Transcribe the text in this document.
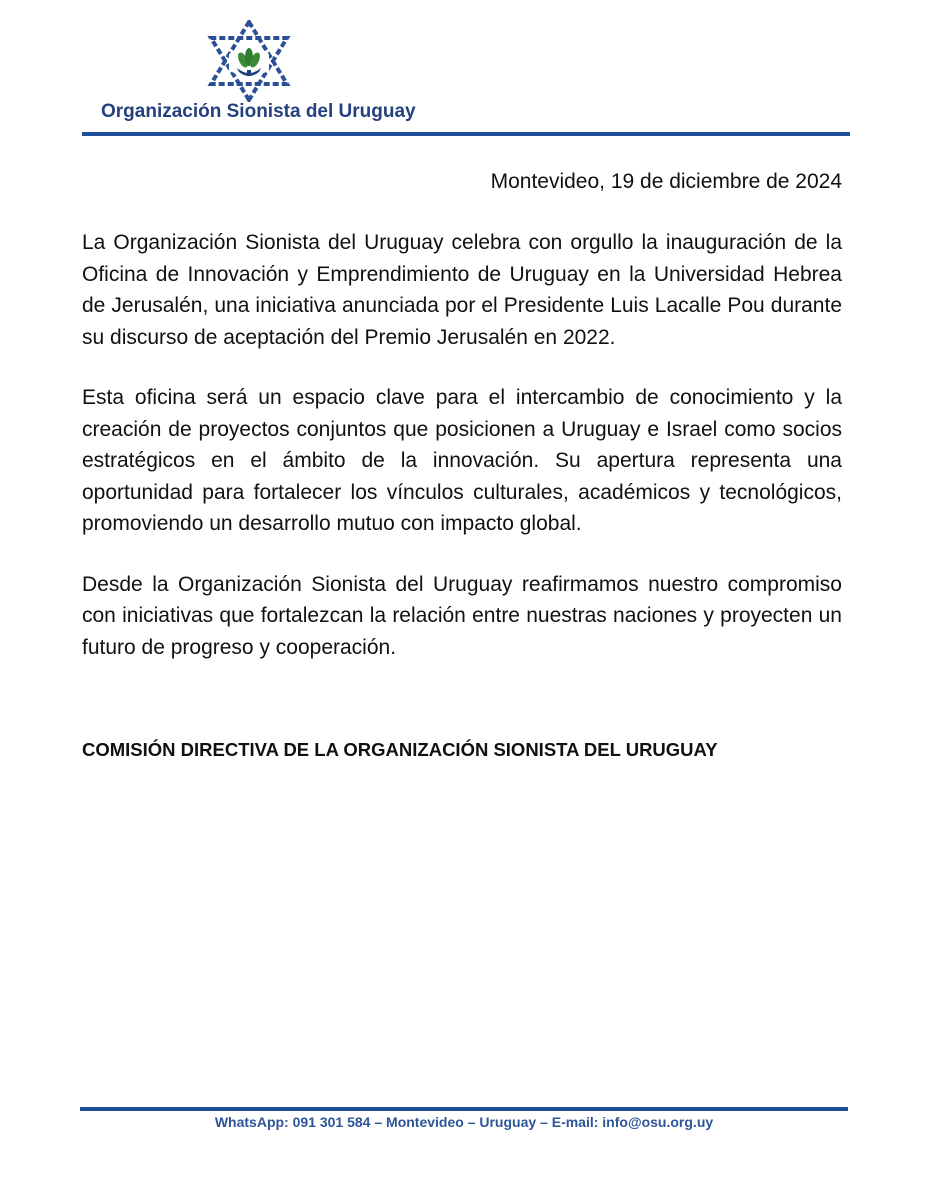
Organización Sionista del Uruguay
Montevideo, 19 de diciembre de 2024

La Organización Sionista del Uruguay celebra con orgullo la inauguración de la Oficina de Innovación y Emprendimiento de Uruguay en la Universidad Hebrea de Jerusalén, una iniciativa anunciada por el Presidente Luis Lacalle Pou durante su discurso de aceptación del Premio Jerusalén en 2022.

Esta oficina será un espacio clave para el intercambio de conocimiento y la creación de proyectos conjuntos que posicionen a Uruguay e Israel como socios estratégicos en el ámbito de la innovación. Su apertura representa una oportunidad para fortalecer los vínculos culturales, académicos y tecnológicos, promoviendo un desarrollo mutuo con impacto global.

Desde la Organización Sionista del Uruguay reafirmamos nuestro compromiso con iniciativas que fortalezcan la relación entre nuestras naciones y proyecten un futuro de progreso y cooperación.

COMISIÓN DIRECTIVA DE LA ORGANIZACIÓN SIONISTA DEL URUGUAY
WhatsApp: 091 301 584 – Montevideo – Uruguay – E-mail: info@osu.org.uy
